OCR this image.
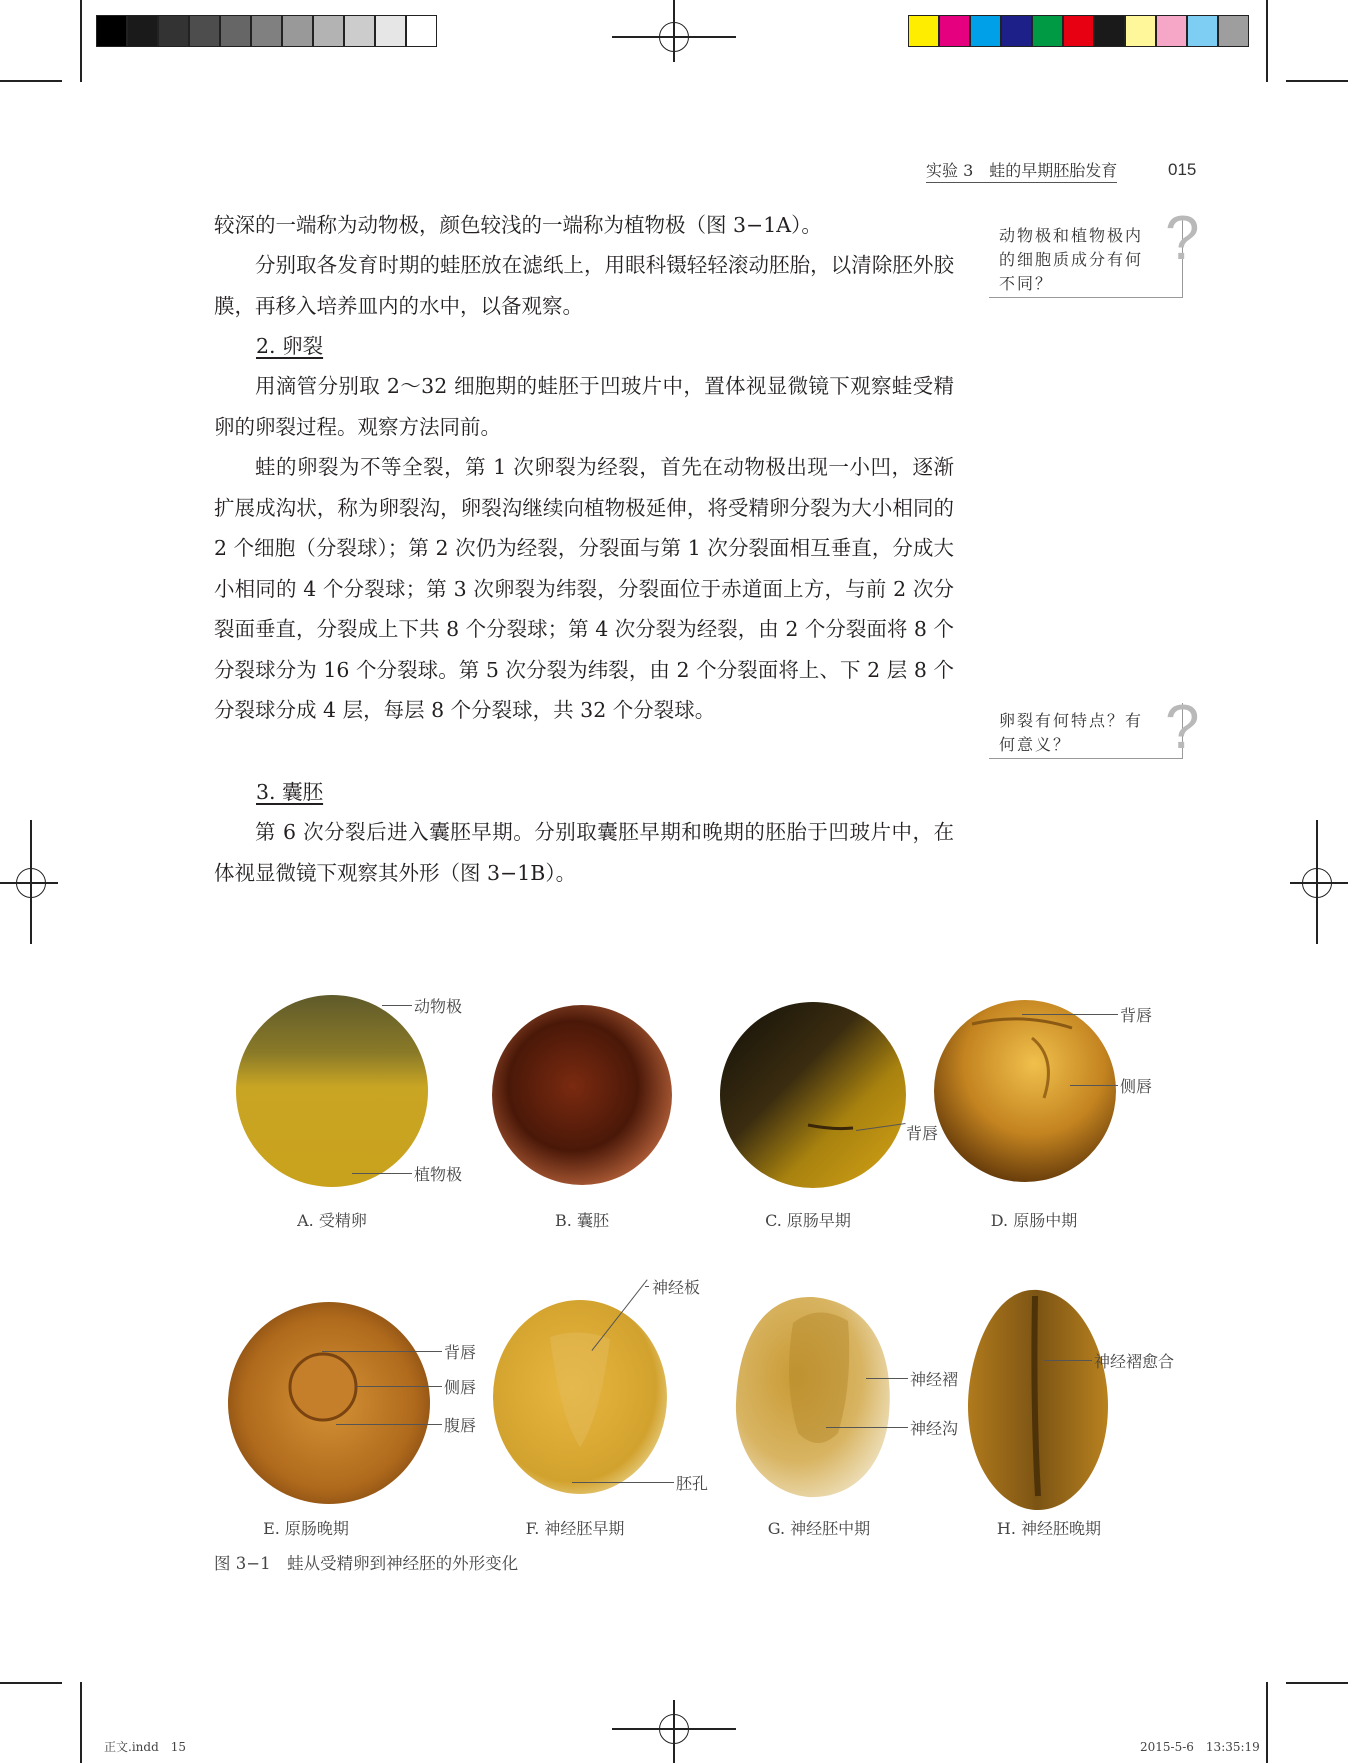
实验 3　蛙的早期胚胎发育	015

较深的一端称为动物极，颜色较浅的一端称为植物极（图 3−1A）。

分别取各发育时期的蛙胚放在滤纸上，用眼科镊轻轻滚动胚胎，以清除胚外胶膜，再移入培养皿内的水中，以备观察。

2. 卵裂

用滴管分别取 2～32 细胞期的蛙胚于凹玻片中，置体视显微镜下观察蛙受精卵的卵裂过程。观察方法同前。

蛙的卵裂为不等全裂，第 1 次卵裂为经裂，首先在动物极出现一小凹，逐渐扩展成沟状，称为卵裂沟，卵裂沟继续向植物极延伸，将受精卵分裂为大小相同的 2 个细胞（分裂球）；第 2 次仍为经裂，分裂面与第 1 次分裂面相互垂直，分成大小相同的 4 个分裂球；第 3 次卵裂为纬裂，分裂面位于赤道面上方，与前 2 次分裂面垂直，分裂成上下共 8 个分裂球；第 4 次分裂为经裂，由 2 个分裂面将 8 个分裂球分为 16 个分裂球。第 5 次分裂为纬裂，由 2 个分裂面将上、下 2 层 8 个分裂球分成 4 层，每层 8 个分裂球，共 32 个分裂球。

3. 囊胚

第 6 次分裂后进入囊胚早期。分别取囊胚早期和晚期的胚胎于凹玻片中，在体视显微镜下观察其外形（图 3−1B）。

动物极和植物极内的细胞质成分有何不同？
?
卵裂有何特点？有何意义？	?
动物极
植物极
背唇
背唇
侧唇
背唇
侧唇
腹唇
神经板
胚孔
神经褶
神经沟
神经褶愈合
A. 受精卵	B. 囊胚	C. 原肠早期	D. 原肠中期
E. 原肠晚期	F. 神经胚早期	G. 神经胚中期	H. 神经胚晚期
图 3−1　蛙从受精卵到神经胚的外形变化
正文.indd　15	2015-5-6　13:35:19
